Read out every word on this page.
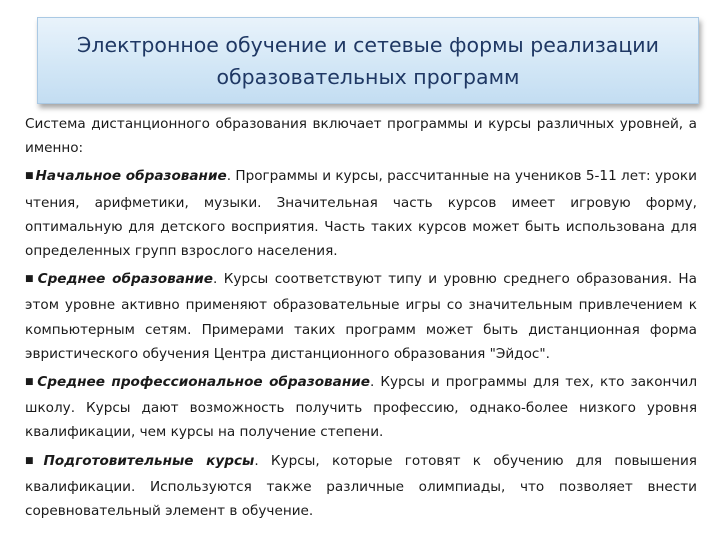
Электронное обучение и сетевые формы реализации
образовательных программ

Система дистанционного образования включает программы и курсы различных уровней, а именно:

■ Начальное образование. Программы и курсы, рассчитанные на учеников 5-11 лет: уроки чтения, арифметики, музыки. Значительная часть курсов имеет игровую форму, оптимальную для детского восприятия. Часть таких курсов может быть использована для определенных групп взрослого населения.

■ Среднее образование. Курсы соответствуют типу и уровню среднего образования. На этом уровне активно применяют образовательные игры со значительным привлечением к компьютерным сетям. Примерами таких программ может быть дистанционная форма эвристического обучения Центра дистанционного образования "Эйдос".

■ Среднее профессиональное образование. Курсы и программы для тех, кто закончил школу. Курсы дают возможность получить профессию, однако-более низкого уровня квалификации, чем курсы на получение степени.

■ Подготовительные курсы. Курсы, которые готовят к обучению для повышения квалификации. Используются также различные олимпиады, что позволяет внести соревновательный элемент в обучение.
